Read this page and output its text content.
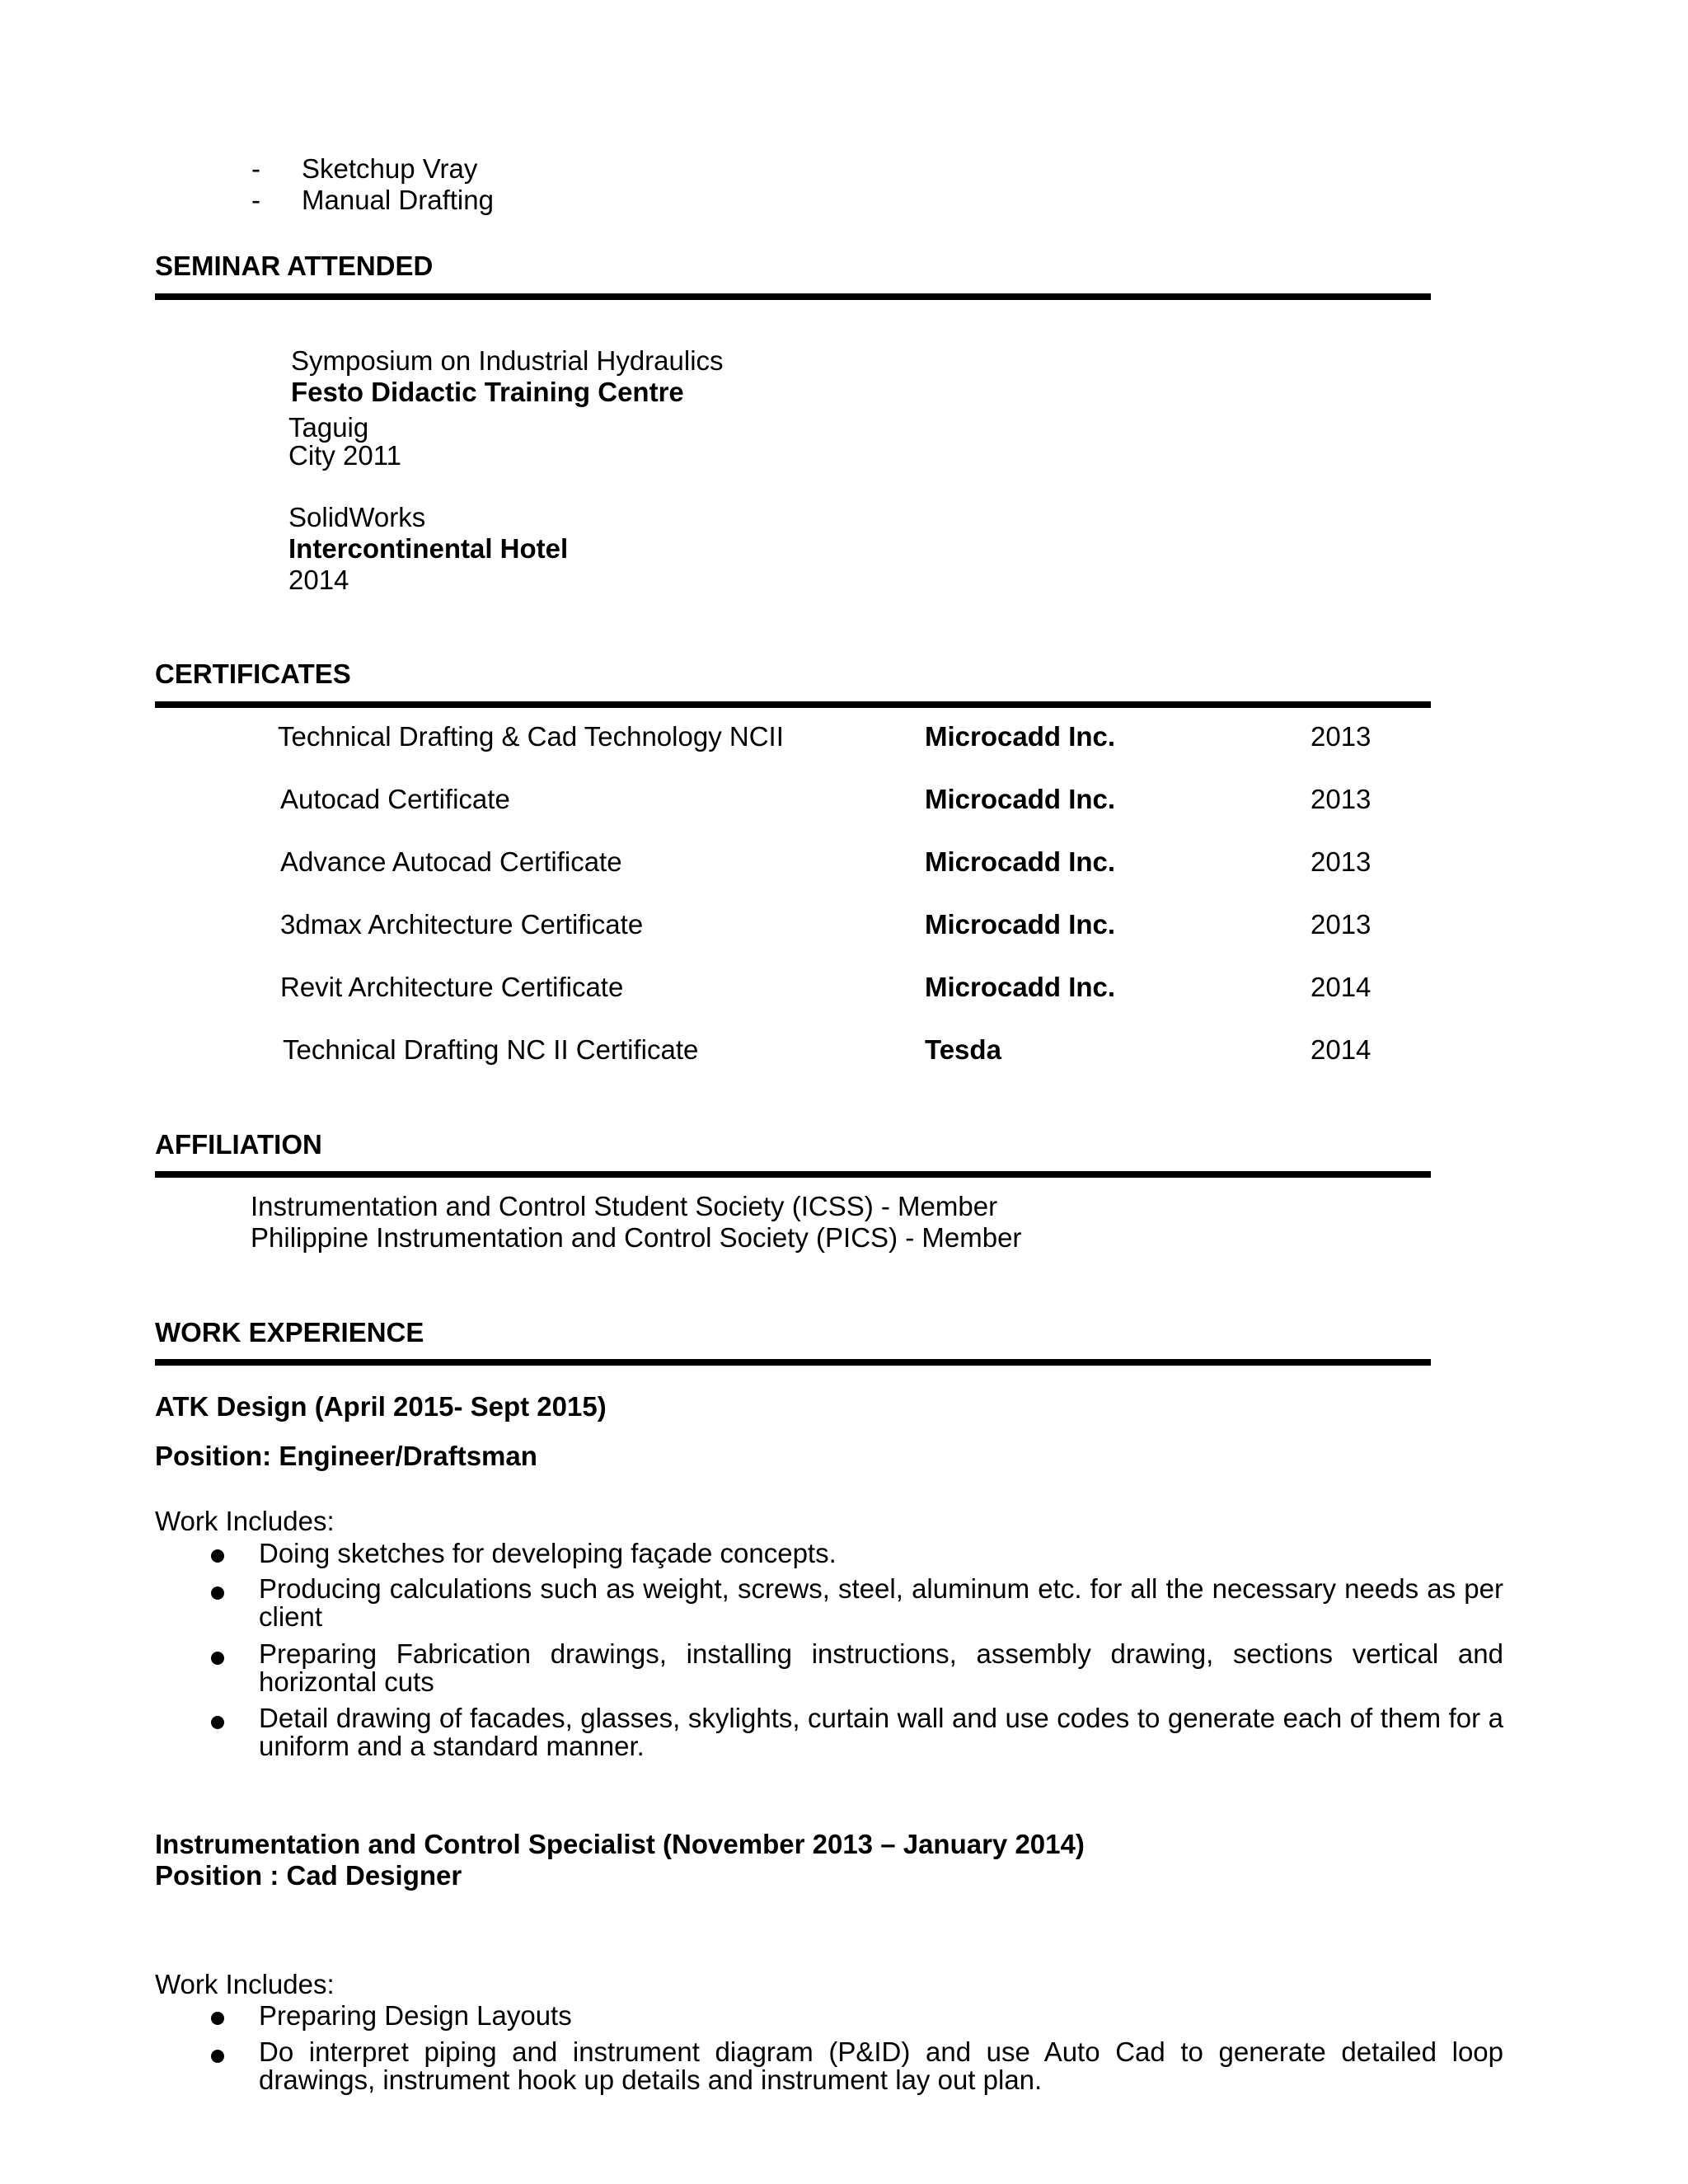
- Sketchup Vray
- Manual Drafting
SEMINAR ATTENDED
Symposium on Industrial Hydraulics
Festo Didactic Training Centre
Taguig
City 2011
SolidWorks
Intercontinental Hotel
2014
CERTIFICATES
Technical Drafting & Cad Technology NCII	Microcadd Inc.	2013
Autocad Certificate	Microcadd Inc.	2013
Advance Autocad Certificate	Microcadd Inc.	2013
3dmax Architecture Certificate	Microcadd Inc.	2013
Revit Architecture Certificate	Microcadd Inc.	2014
Technical Drafting NC II Certificate	Tesda	2014
AFFILIATION
Instrumentation and Control Student Society (ICSS) - Member
Philippine Instrumentation and Control Society (PICS) - Member
WORK EXPERIENCE
ATK Design (April 2015- Sept 2015)
Position: Engineer/Draftsman
Work Includes:
Doing sketches for developing façade concepts.
Producing calculations such as weight, screws, steel, aluminum etc. for all the necessary needs as per client
Preparing Fabrication drawings, installing instructions, assembly drawing, sections vertical and horizontal cuts
Detail drawing of facades, glasses, skylights, curtain wall and use codes to generate each of them for a uniform and a standard manner.
Instrumentation and Control Specialist (November 2013 – January 2014)
Position : Cad Designer
Work Includes:
Preparing Design Layouts
Do interpret piping and instrument diagram (P&ID) and use Auto Cad to generate detailed loop drawings, instrument hook up details and instrument lay out plan.
